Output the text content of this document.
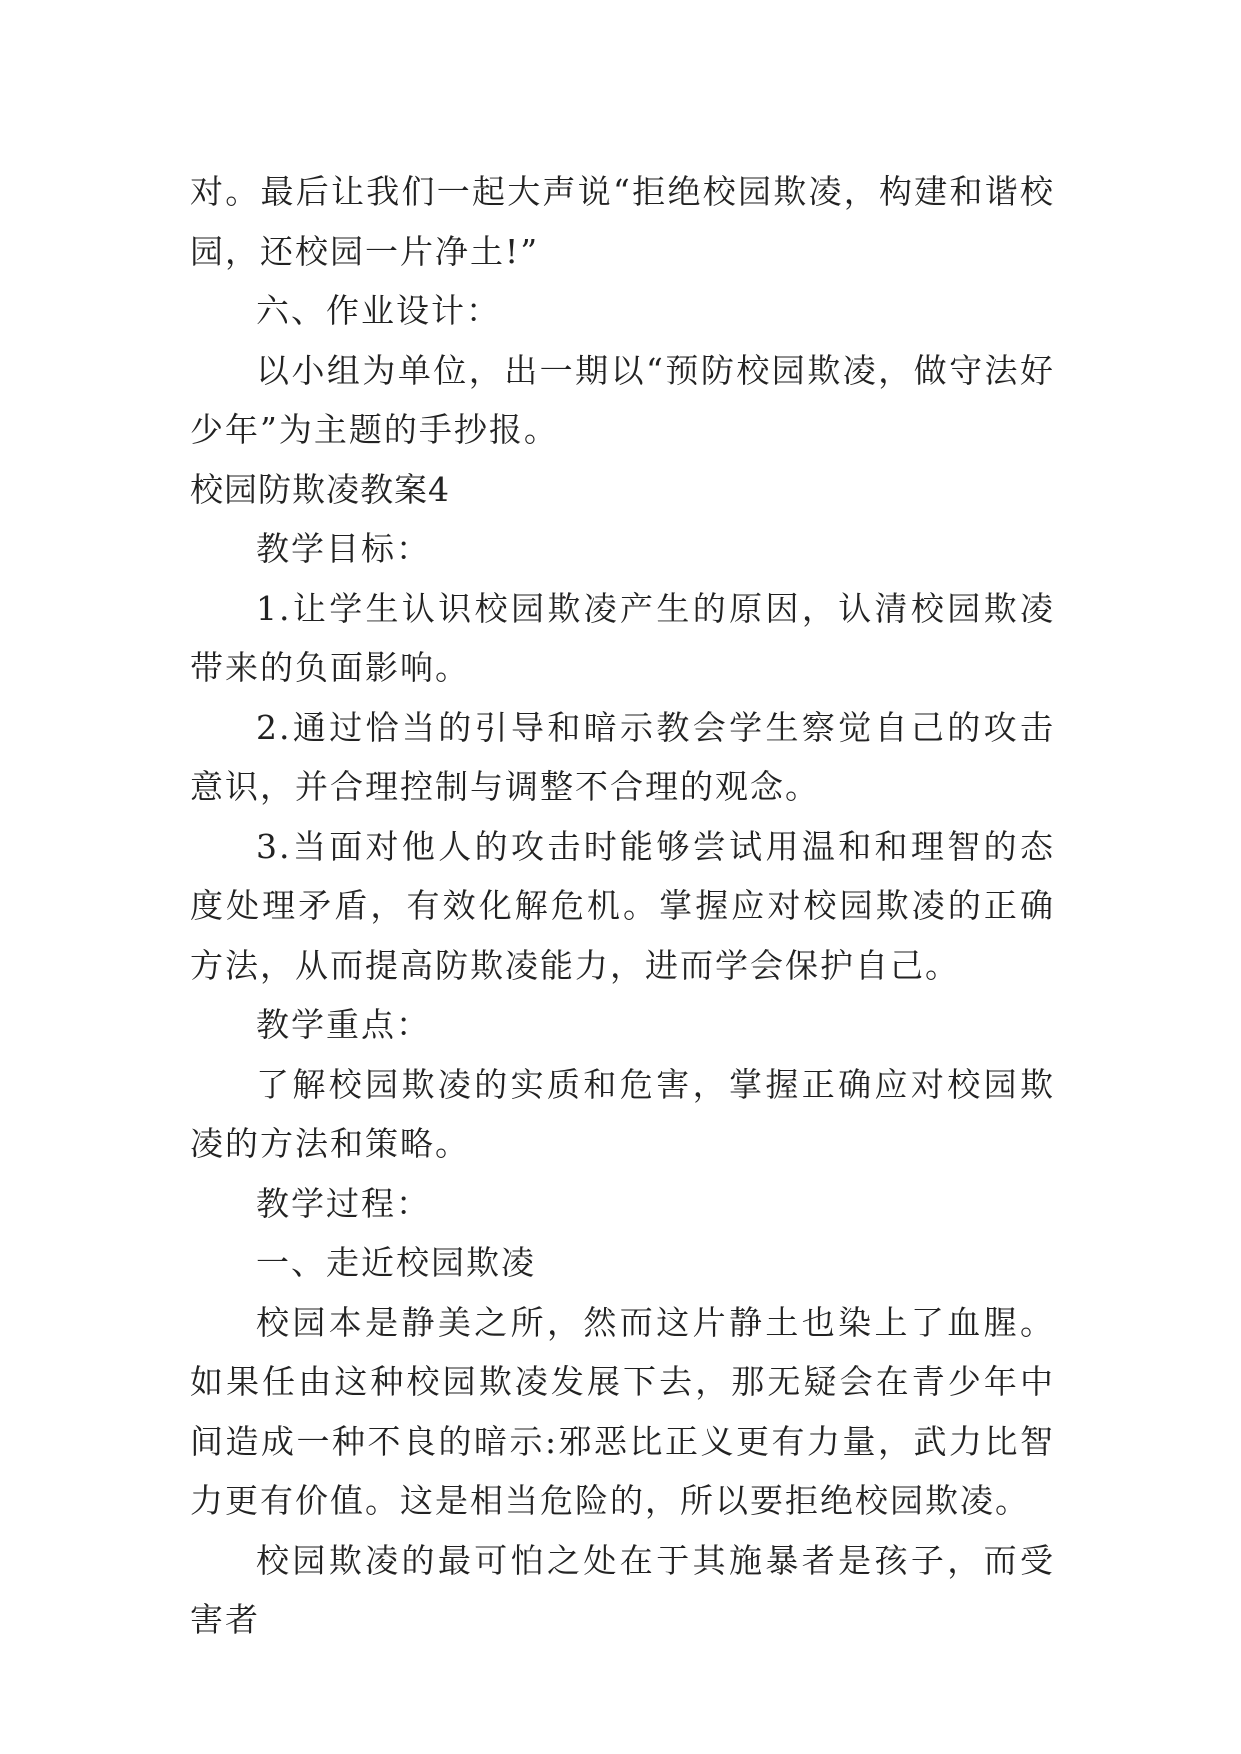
对。最后让我们一起大声说“拒绝校园欺凌，构建和谐校园，还校园一片净土!”

六、作业设计：

以小组为单位，出一期以“预防校园欺凌，做守法好少年”为主题的手抄报。

校园防欺凌教案4

教学目标：

1.让学生认识校园欺凌产生的原因，认清校园欺凌带来的负面影响。

2.通过恰当的引导和暗示教会学生察觉自己的攻击意识，并合理控制与调整不合理的观念。

3.当面对他人的攻击时能够尝试用温和和理智的态度处理矛盾，有效化解危机。掌握应对校园欺凌的正确方法，从而提高防欺凌能力，进而学会保护自己。

教学重点：

了解校园欺凌的实质和危害，掌握正确应对校园欺凌的方法和策略。

教学过程：

一、走近校园欺凌

校园本是静美之所，然而这片静土也染上了血腥。如果任由这种校园欺凌发展下去，那无疑会在青少年中间造成一种不良的暗示:邪恶比正义更有力量，武力比智力更有价值。这是相当危险的，所以要拒绝校园欺凌。

校园欺凌的最可怕之处在于其施暴者是孩子，而受害者
